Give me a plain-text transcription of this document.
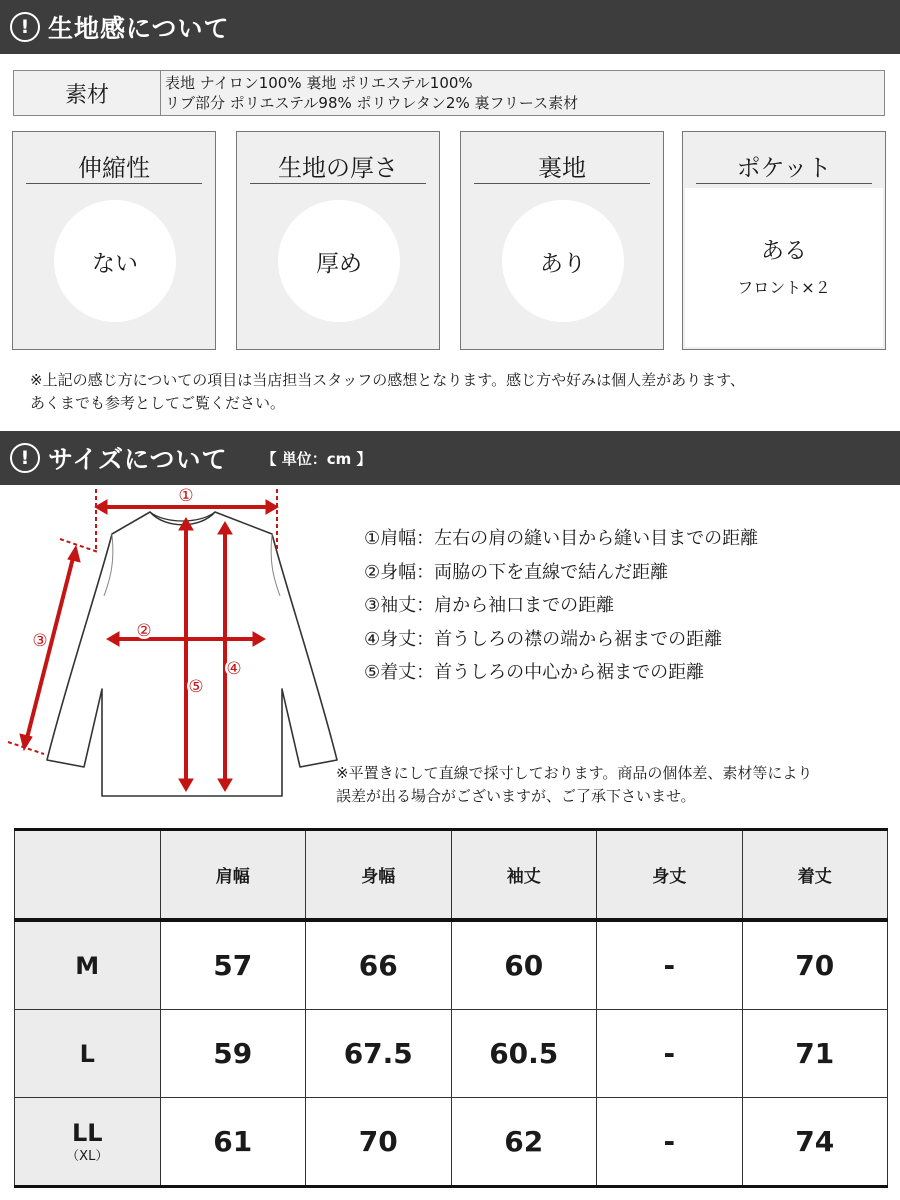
! 生地感について
素材	表地 ナイロン100% 裏地 ポリエステル100%
リブ部分 ポリエステル98% ポリウレタン2% 裏フリース素材
伸縮性
ない
生地の厚さ
厚め
裏地
あり
ポケット
ある
フロント×２
※上記の感じ方についての項目は当店担当スタッフの感想となります。感じ方や好みは個人差があります、
あくまでも参考としてご覧ください。
! サイズについて 【 単位：cm 】
①
②
③
④
⑤
①肩幅：左右の肩の縫い目から縫い目までの距離
②身幅：両脇の下を直線で結んだ距離
③袖丈：肩から袖口までの距離
④身丈：首うしろの襟の端から裾までの距離
⑤着丈：首うしろの中心から裾までの距離
※平置きにして直線で採寸しております。商品の個体差、素材等により
誤差が出る場合がございますが、ご了承下さいませ。
	肩幅	身幅	袖丈	身丈	着丈
M	57	66	60	-	70
L	59	67.5	60.5	-	71
LL
（XL）	61	70	62	-	74
